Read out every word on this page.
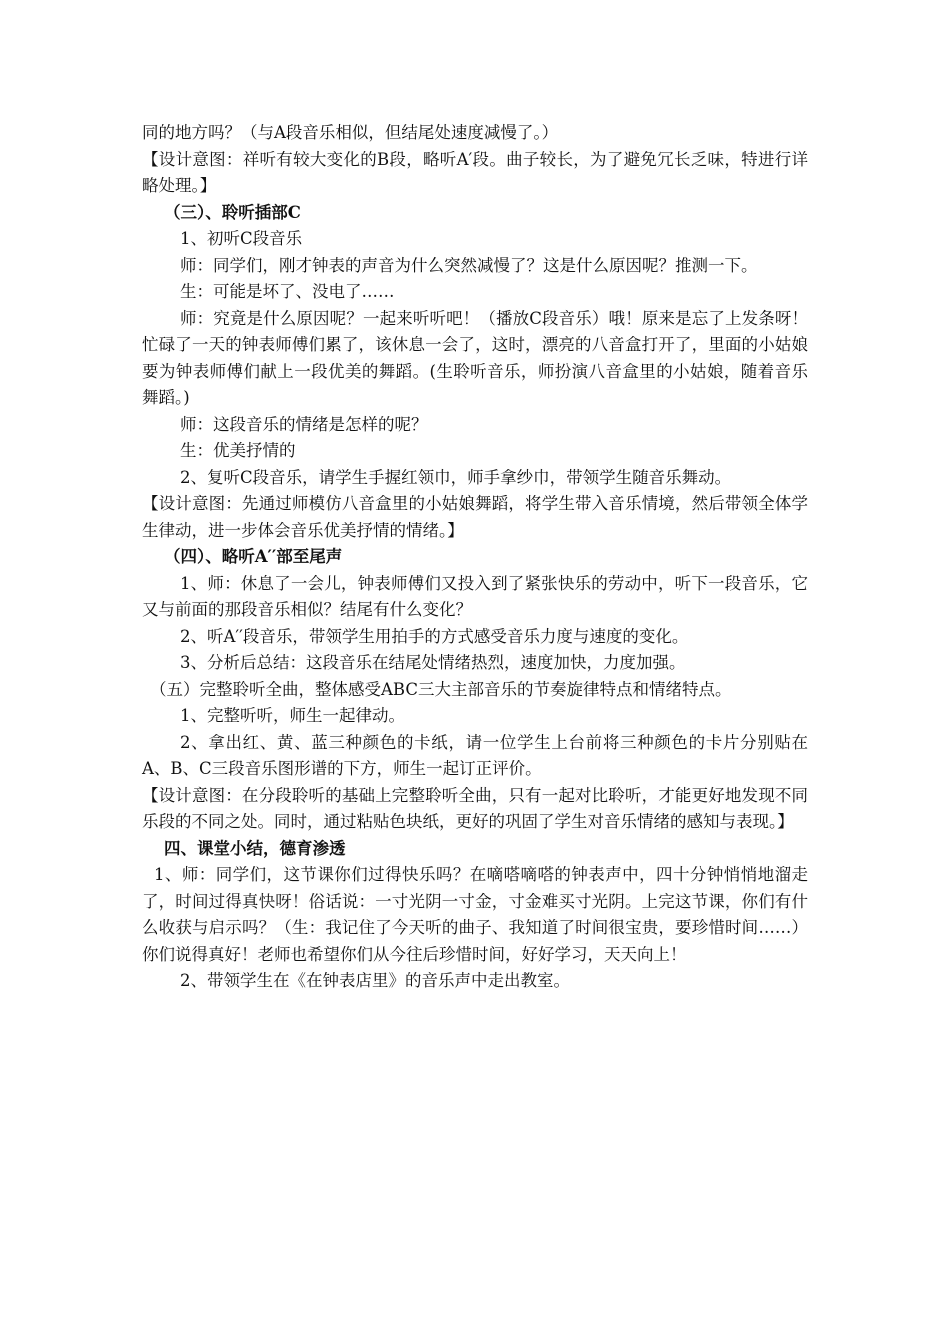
同的地方吗？（与A段音乐相似，但结尾处速度减慢了。）

【设计意图：祥听有较大变化的B段，略听A′段。曲子较长，为了避免冗长乏味，特进行详略处理。】

（三）、聆听插部C

1、初听C段音乐

师：同学们，刚才钟表的声音为什么突然减慢了？这是什么原因呢？推测一下。

生：可能是坏了、没电了……

师：究竟是什么原因呢？一起来听听吧！（播放C段音乐）哦！原来是忘了上发条呀！忙碌了一天的钟表师傅们累了，该休息一会了，这时，漂亮的八音盒打开了，里面的小姑娘要为钟表师傅们献上一段优美的舞蹈。(生聆听音乐，师扮演八音盒里的小姑娘，随着音乐舞蹈。)

师：这段音乐的情绪是怎样的呢？

生：优美抒情的

2、复听C段音乐，请学生手握红领巾，师手拿纱巾，带领学生随音乐舞动。

【设计意图：先通过师模仿八音盒里的小姑娘舞蹈，将学生带入音乐情境，然后带领全体学生律动，进一步体会音乐优美抒情的情绪。】

（四）、略听A′′部至尾声

1、师：休息了一会儿，钟表师傅们又投入到了紧张快乐的劳动中，听下一段音乐，它又与前面的那段音乐相似？结尾有什么变化？

2、听A′′段音乐，带领学生用拍手的方式感受音乐力度与速度的变化。

3、分析后总结：这段音乐在结尾处情绪热烈，速度加快，力度加强。

（五）完整聆听全曲，整体感受ABC三大主部音乐的节奏旋律特点和情绪特点。

1、完整听听，师生一起律动。

2、拿出红、黄、蓝三种颜色的卡纸，请一位学生上台前将三种颜色的卡片分别贴在A、B、C三段音乐图形谱的下方，师生一起订正评价。

【设计意图：在分段聆听的基础上完整聆听全曲，只有一起对比聆听，才能更好地发现不同乐段的不同之处。同时，通过粘贴色块纸，更好的巩固了学生对音乐情绪的感知与表现。】

四、课堂小结，德育渗透

1、师：同学们，这节课你们过得快乐吗？在嘀嗒嘀嗒的钟表声中，四十分钟悄悄地溜走了，时间过得真快呀！俗话说：一寸光阴一寸金，寸金难买寸光阴。上完这节课，你们有什么收获与启示吗？（生：我记住了今天听的曲子、我知道了时间很宝贵，要珍惜时间……）你们说得真好！老师也希望你们从今往后珍惜时间，好好学习，天天向上！

2、带领学生在《在钟表店里》的音乐声中走出教室。
